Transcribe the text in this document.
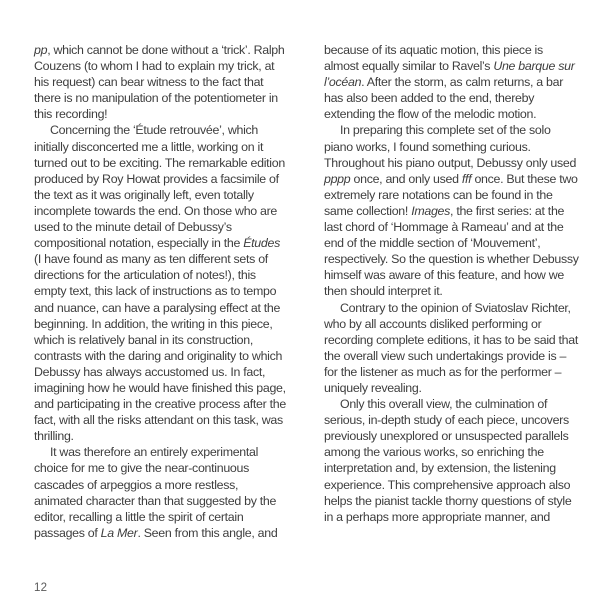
pp, which cannot be done without a ‘trick’. Ralph Couzens (to whom I had to explain my trick, at his request) can bear witness to the fact that there is no manipulation of the potentiometer in this recording!

Concerning the ‘Étude retrouvée’, which initially disconcerted me a little, working on it turned out to be exciting. The remarkable edition produced by Roy Howat provides a facsimile of the text as it was originally left, even totally incomplete towards the end. On those who are used to the minute detail of Debussy’s compositional notation, especially in the Études (I have found as many as ten different sets of directions for the articulation of notes!), this empty text, this lack of instructions as to tempo and nuance, can have a paralysing effect at the beginning. In addition, the writing in this piece, which is relatively banal in its construction, contrasts with the daring and originality to which Debussy has always accustomed us. In fact, imagining how he would have finished this page, and participating in the creative process after the fact, with all the risks attendant on this task, was thrilling.

It was therefore an entirely experimental choice for me to give the near-continuous cascades of arpeggios a more restless, animated character than that suggested by the editor, recalling a little the spirit of certain passages of La Mer. Seen from this angle, and

because of its aquatic motion, this piece is almost equally similar to Ravel’s Une barque sur l’océan. After the storm, as calm returns, a bar has also been added to the end, thereby extending the flow of the melodic motion.

In preparing this complete set of the solo piano works, I found something curious. Throughout his piano output, Debussy only used pppp once, and only used fff once. But these two extremely rare notations can be found in the same collection! Images, the first series: at the last chord of ‘Hommage à Rameau’ and at the end of the middle section of ‘Mouvement’, respectively. So the question is whether Debussy himself was aware of this feature, and how we then should interpret it.

Contrary to the opinion of Sviatoslav Richter, who by all accounts disliked performing or recording complete editions, it has to be said that the overall view such undertakings provide is – for the listener as much as for the performer – uniquely revealing.

Only this overall view, the culmination of serious, in-depth study of each piece, uncovers previously unexplored or unsuspected parallels among the various works, so enriching the interpretation and, by extension, the listening experience. This comprehensive approach also helps the pianist tackle thorny questions of style in a perhaps more appropriate manner, and

12
